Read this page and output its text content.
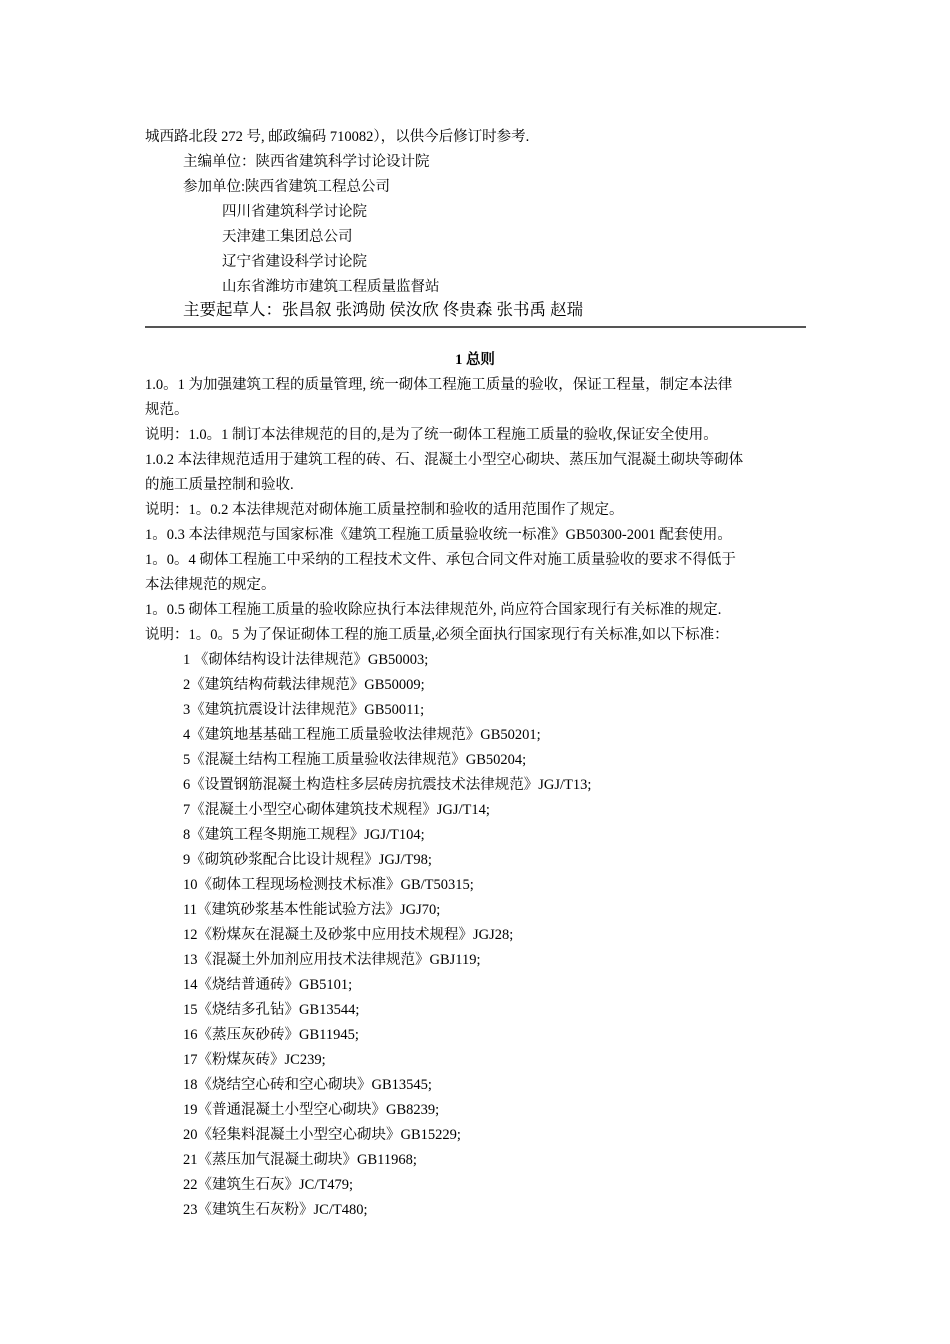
城西路北段 272 号, 邮政编码 710082），以供今后修订时参考.
主编单位：陕西省建筑科学讨论设计院
参加单位:陕西省建筑工程总公司
四川省建筑科学讨论院
天津建工集团总公司
辽宁省建设科学讨论院
山东省潍坊市建筑工程质量监督站
主要起草人：张昌叙 张鸿勋 侯汝欣 佟贵森 张书禹 赵瑞
1 总则
1.0。1 为加强建筑工程的质量管理, 统一砌体工程施工质量的验收，保证工程量，制定本法律
规范。
说明：1.0。1 制订本法律规范的目的,是为了统一砌体工程施工质量的验收,保证安全使用。
1.0.2 本法律规范适用于建筑工程的砖、石、混凝土小型空心砌块、蒸压加气混凝土砌块等砌体
的施工质量控制和验收.
说明：1。0.2 本法律规范对砌体施工质量控制和验收的适用范围作了规定。
1。0.3 本法律规范与国家标准《建筑工程施工质量验收统一标准》GB50300-2001 配套使用。
1。0。4 砌体工程施工中采纳的工程技术文件、承包合同文件对施工质量验收的要求不得低于
本法律规范的规定。
1。0.5 砌体工程施工质量的验收除应执行本法律规范外, 尚应符合国家现行有关标准的规定.
说明：1。0。5 为了保证砌体工程的施工质量,必须全面执行国家现行有关标准,如以下标准：
1 《砌体结构设计法律规范》GB50003;
2《建筑结构荷载法律规范》GB50009;
3《建筑抗震设计法律规范》GB50011;
4《建筑地基基础工程施工质量验收法律规范》GB50201;
5《混凝土结构工程施工质量验收法律规范》GB50204;
6《设置钢筋混凝土构造柱多层砖房抗震技术法律规范》JGJ/T13;
7《混凝土小型空心砌体建筑技术规程》JGJ/T14;
8《建筑工程冬期施工规程》JGJ/T104;
9《砌筑砂浆配合比设计规程》JGJ/T98;
10《砌体工程现场检测技术标准》GB/T50315;
11《建筑砂浆基本性能试验方法》JGJ70;
12《粉煤灰在混凝土及砂浆中应用技术规程》JGJ28;
13《混凝土外加剂应用技术法律规范》GBJ119;
14《烧结普通砖》GB5101;
15《烧结多孔钻》GB13544;
16《蒸压灰砂砖》GB11945;
17《粉煤灰砖》JC239;
18《烧结空心砖和空心砌块》GB13545;
19《普通混凝土小型空心砌块》GB8239;
20《轻集料混凝土小型空心砌块》GB15229;
21《蒸压加气混凝土砌块》GB11968;
22《建筑生石灰》JC/T479;
23《建筑生石灰粉》JC/T480;
